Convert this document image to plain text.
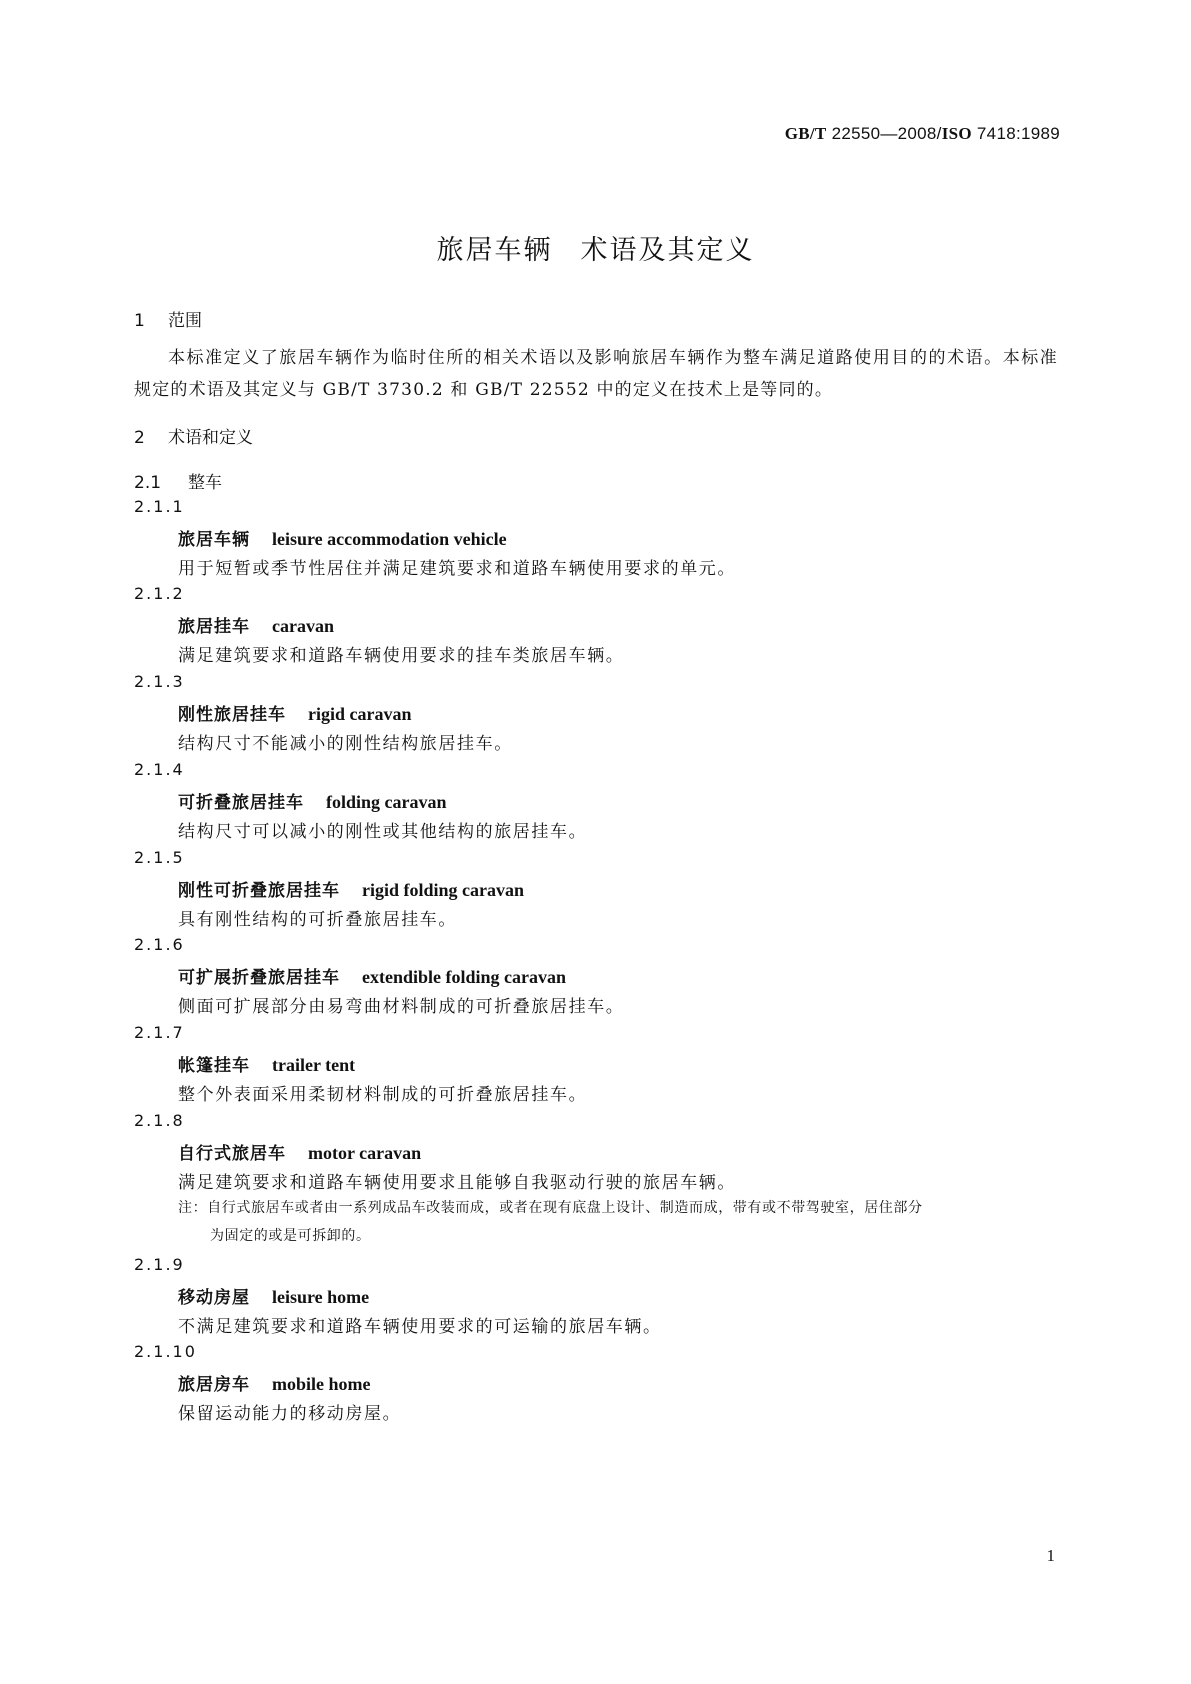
GB/T 22550—2008/ISO 7418:1989
旅居车辆 术语及其定义
1 范围
本标准定义了旅居车辆作为临时住所的相关术语以及影响旅居车辆作为整车满足道路使用目的的术语。本标准规定的术语及其定义与 GB/T 3730.2 和 GB/T 22552 中的定义在技术上是等同的。
2 术语和定义
2.1 整车
2.1.1
旅居车辆 leisure accommodation vehicle
用于短暂或季节性居住并满足建筑要求和道路车辆使用要求的单元。
2.1.2
旅居挂车 caravan
满足建筑要求和道路车辆使用要求的挂车类旅居车辆。
2.1.3
刚性旅居挂车 rigid caravan
结构尺寸不能减小的刚性结构旅居挂车。
2.1.4
可折叠旅居挂车 folding caravan
结构尺寸可以减小的刚性或其他结构的旅居挂车。
2.1.5
刚性可折叠旅居挂车 rigid folding caravan
具有刚性结构的可折叠旅居挂车。
2.1.6
可扩展折叠旅居挂车 extendible folding caravan
侧面可扩展部分由易弯曲材料制成的可折叠旅居挂车。
2.1.7
帐篷挂车 trailer tent
整个外表面采用柔韧材料制成的可折叠旅居挂车。
2.1.8
自行式旅居车 motor caravan
满足建筑要求和道路车辆使用要求且能够自我驱动行驶的旅居车辆。
注：自行式旅居车或者由一系列成品车改装而成，或者在现有底盘上设计、制造而成，带有或不带驾驶室，居住部分
为固定的或是可拆卸的。
2.1.9
移动房屋 leisure home
不满足建筑要求和道路车辆使用要求的可运输的旅居车辆。
2.1.10
旅居房车 mobile home
保留运动能力的移动房屋。
1
